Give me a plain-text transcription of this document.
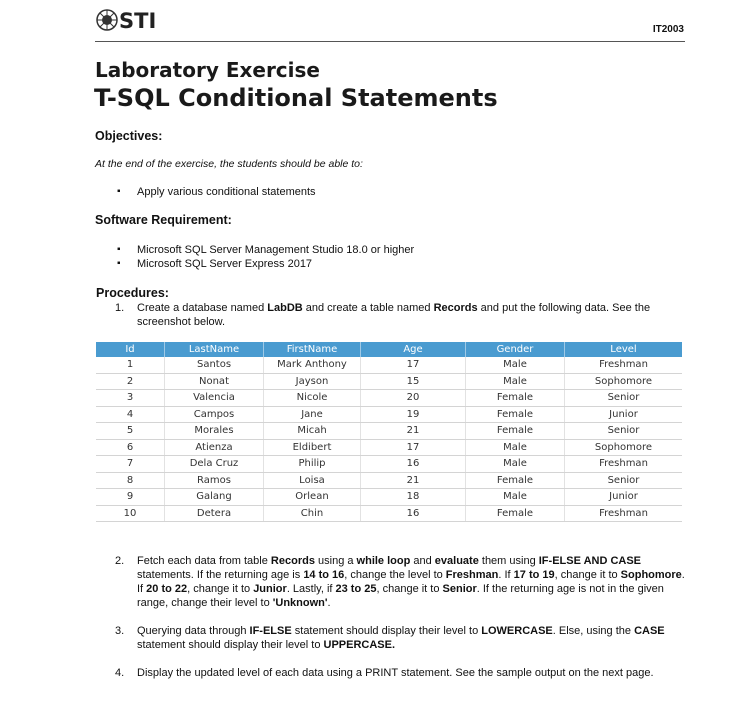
STI	IT2003
Laboratory Exercise
T-SQL Conditional Statements
Objectives:
At the end of the exercise, the students should be able to:
▪ Apply various conditional statements
Software Requirement:
▪ Microsoft SQL Server Management Studio 18.0 or higher
▪ Microsoft SQL Server Express 2017
Procedures:
1. Create a database named LabDB and create a table named Records and put the following data. See the screenshot below.
Id	LastName	FirstName	Age	Gender	Level
1	Santos	Mark Anthony	17	Male	Freshman
2	Nonat	Jayson	15	Male	Sophomore
3	Valencia	Nicole	20	Female	Senior
4	Campos	Jane	19	Female	Junior
5	Morales	Micah	21	Female	Senior
6	Atienza	Eldibert	17	Male	Sophomore
7	Dela Cruz	Philip	16	Male	Freshman
8	Ramos	Loisa	21	Female	Senior
9	Galang	Orlean	18	Male	Junior
10	Detera	Chin	16	Female	Freshman
2. Fetch each data from table Records using a while loop and evaluate them using IF-ELSE AND CASE statements. If the returning age is 14 to 16, change the level to Freshman. If 17 to 19, change it to Sophomore. If 20 to 22, change it to Junior. Lastly, if 23 to 25, change it to Senior. If the returning age is not in the given range, change their level to 'Unknown'.
3. Querying data through IF-ELSE statement should display their level to LOWERCASE. Else, using the CASE statement should display their level to UPPERCASE.
4. Display the updated level of each data using a PRINT statement. See the sample output on the next page.
